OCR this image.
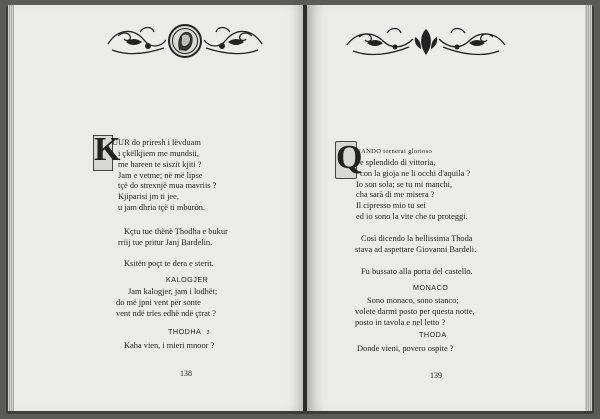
K
UUR do priresh i lëvduam
i çkëlkjiem me mundsii,
me hareen te siszit kjiti ?
Jam e vetme; në më lipse
tçë do strexnjë mua mavriis ?
Kjiparisi jm ti jee,
u jam dhria tçë ti mburòn.
Kçtu tue thënë Thodha e bukur
rriij tue pritur Janj Bardelin.
Ksitën poçt te dera e sterit.
KALOGJER
Jam kalogjer, jam i lodhët;
do më jpni vent për sonte
vent ndë trïes edhë ndë çtrat ?
THODHA 3
Kaha vien, i mieri mnoor ?
138
Q
UANDO tornerai glorioso
e splendido di vittoria,
con la gioja ne li occhi d'aquila ?
Io son sola; se tu mi manchi,
cha sarà di me misera ?
Il cipresso mio tu sei
ed io sono la vite che tu proteggi.
Così dicendo la bellissima Thoda
stava ad aspettare Giovanni Bardeli.
Fu bussato alla porta del castello.
MONACO
Sono monaco, sono stanco;
volete darmi posto per questa notte,
posto in tavola e nel letto ?
THODA
Donde vieni, povero ospite ?
139
